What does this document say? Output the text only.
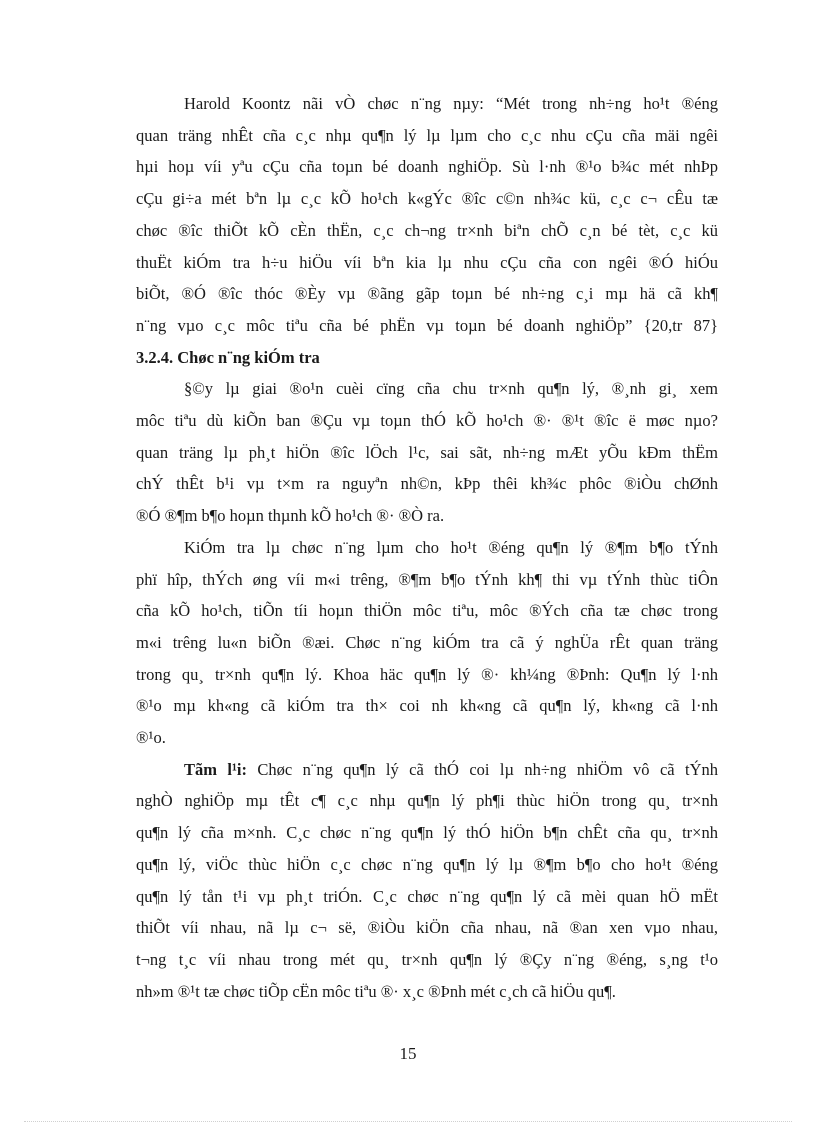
Harold Koontz nãi vÒ chøc n¨ng nµy: “Mét trong nh÷ng ho¹t ®éng
quan träng nhÊt cña c¸c nhµ qu¶n lý lµ lµm cho c¸c nhu cÇu cña mäi ngêi
hµi hoµ víi yªu cÇu cña toµn bé doanh nghiÖp. Sù l·nh ®¹o b¾c mét nhÞp
cÇu gi÷a mét bªn lµ c¸c kÕ ho¹ch k«gÝc ®îc c©n nh¾c kü, c¸c c¬ cÊu tæ
chøc ®îc thiÕt kÕ cÈn thËn, c¸c ch¬ng tr×nh biªn chÕ c¸n bé tèt, c¸c kü
thuËt kiÓm tra h÷u hiÖu víi bªn kia lµ nhu cÇu cña con ngêi ®Ó hiÓu
biÕt, ®Ó ®îc thóc ®Èy vµ ®ãng gãp toµn bé nh÷ng c¸i mµ hä cã kh¶
n¨ng vµo c¸c môc tiªu cña bé phËn vµ toµn bé doanh nghiÖp” {20,tr 87}
3.2.4. Chøc n¨ng kiÓm tra
§©y lµ giai ®o¹n cuèi cïng cña chu tr×nh qu¶n lý, ®¸nh gi¸ xem
môc tiªu dù kiÕn ban ®Çu vµ toµn thÓ kÕ ho¹ch ®· ®¹t ®îc ë møc nµo?
quan träng lµ ph¸t hiÖn ®îc lÖch l¹c, sai sãt, nh÷ng mÆt yÕu kÐm thËm
chÝ thÊt b¹i vµ t×m ra nguyªn nh©n, kÞp thêi kh¾c phôc ®iÒu chØnh
®Ó ®¶m b¶o hoµn thµnh kÕ ho¹ch ®· ®Ò ra.
KiÓm tra lµ chøc n¨ng lµm cho ho¹t ®éng qu¶n lý ®¶m b¶o tÝnh
phï hîp, thÝch øng víi m«i trêng, ®¶m b¶o tÝnh kh¶ thi vµ tÝnh thùc tiÔn
cña kÕ ho¹ch, tiÕn tíi hoµn thiÖn môc tiªu, môc ®Ých cña tæ chøc trong
m«i trêng lu«n biÕn ®æi. Chøc n¨ng kiÓm tra cã ý nghÜa rÊt quan träng
trong qu¸ tr×nh qu¶n lý. Khoa häc qu¶n lý ®· kh¼ng ®Þnh: Qu¶n lý l·nh
®¹o mµ kh«ng cã kiÓm tra th× coi nh kh«ng cã qu¶n lý, kh«ng cã l·nh
®¹o.
Tãm l¹i: Chøc n¨ng qu¶n lý cã thÓ coi lµ nh÷ng nhiÖm vô cã tÝnh
nghÒ nghiÖp mµ tÊt c¶ c¸c nhµ qu¶n lý ph¶i thùc hiÖn trong qu¸ tr×nh
qu¶n lý cña m×nh. C¸c chøc n¨ng qu¶n lý thÓ hiÖn b¶n chÊt cña qu¸ tr×nh
qu¶n lý, viÖc thùc hiÖn c¸c chøc n¨ng qu¶n lý lµ ®¶m b¶o cho ho¹t ®éng
qu¶n lý tån t¹i vµ ph¸t triÓn. C¸c chøc n¨ng qu¶n lý cã mèi quan hÖ mËt
thiÕt víi nhau, nã lµ c¬ së, ®iÒu kiÖn cña nhau, nã ®an xen vµo nhau,
t¬ng t¸c víi nhau trong mét qu¸ tr×nh qu¶n lý ®Çy n¨ng ®éng, s¸ng t¹o
nh»m ®¹t tæ chøc tiÕp cËn môc tiªu ®· x¸c ®Þnh mét c¸ch cã hiÖu qu¶.
15
